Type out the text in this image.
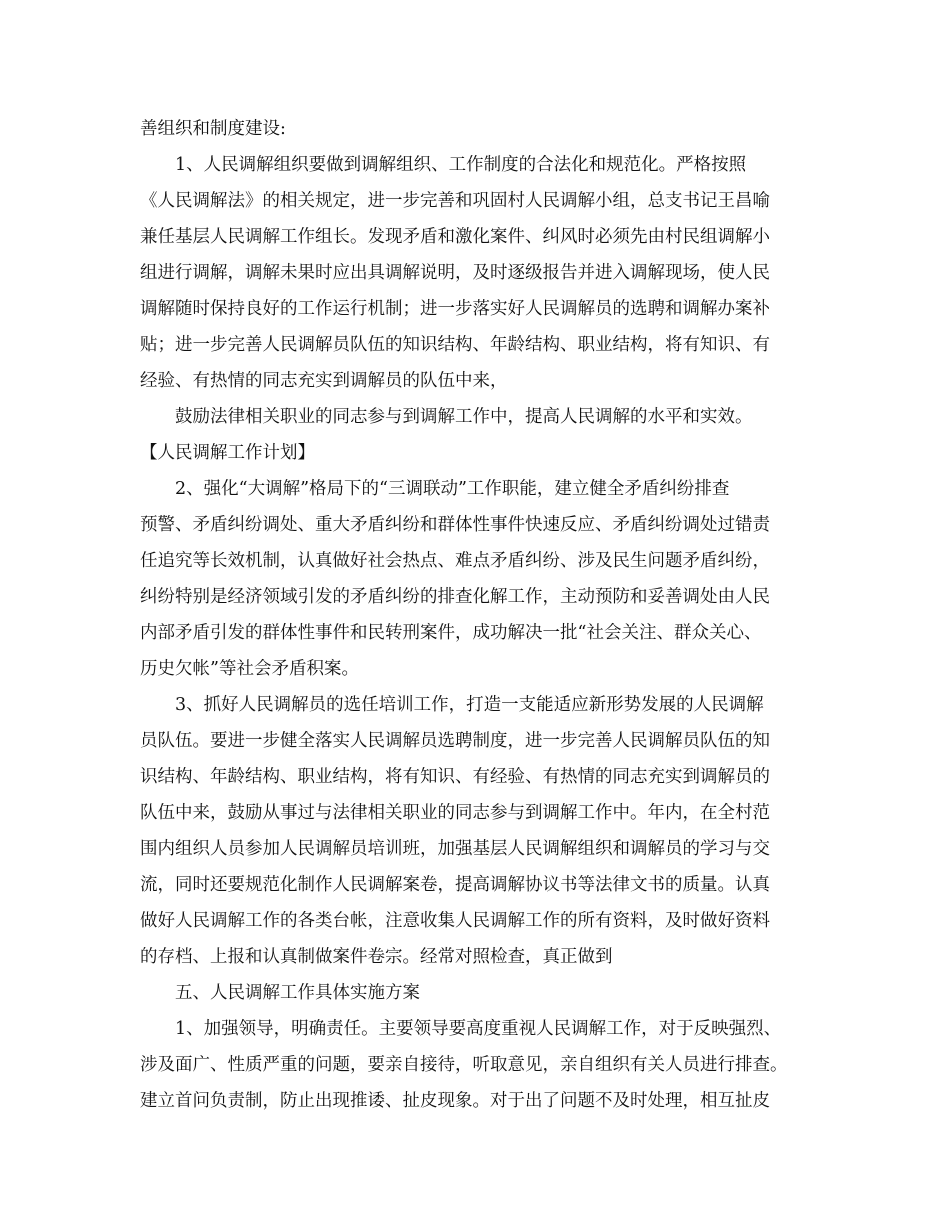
善组织和制度建设:
1、人民调解组织要做到调解组织、工作制度的合法化和规范化。严格按照
《人民调解法》的相关规定，进一步完善和巩固村人民调解小组，总支书记王昌喻
兼任基层人民调解工作组长。发现矛盾和激化案件、纠风时必须先由村民组调解小
组进行调解，调解未果时应出具调解说明，及时逐级报告并进入调解现场，使人民
调解随时保持良好的工作运行机制；进一步落实好人民调解员的选聘和调解办案补
贴；进一步完善人民调解员队伍的知识结构、年龄结构、职业结构，将有知识、有
经验、有热情的同志充实到调解员的队伍中来，
鼓励法律相关职业的同志参与到调解工作中，提高人民调解的水平和实效。
【人民调解工作计划】
2、强化“大调解”格局下的“三调联动”工作职能，建立健全矛盾纠纷排查
预警、矛盾纠纷调处、重大矛盾纠纷和群体性事件快速反应、矛盾纠纷调处过错责
任追究等长效机制，认真做好社会热点、难点矛盾纠纷、涉及民生问题矛盾纠纷，
纠纷特别是经济领域引发的矛盾纠纷的排查化解工作，主动预防和妥善调处由人民
内部矛盾引发的群体性事件和民转刑案件，成功解决一批“社会关注、群众关心、
历史欠帐”等社会矛盾积案。
3、抓好人民调解员的选任培训工作，打造一支能适应新形势发展的人民调解
员队伍。要进一步健全落实人民调解员选聘制度，进一步完善人民调解员队伍的知
识结构、年龄结构、职业结构，将有知识、有经验、有热情的同志充实到调解员的
队伍中来，鼓励从事过与法律相关职业的同志参与到调解工作中。年内，在全村范
围内组织人员参加人民调解员培训班，加强基层人民调解组织和调解员的学习与交
流，同时还要规范化制作人民调解案卷，提高调解协议书等法律文书的质量。认真
做好人民调解工作的各类台帐，注意收集人民调解工作的所有资料，及时做好资料
的存档、上报和认真制做案件卷宗。经常对照检查，真正做到
五、人民调解工作具体实施方案
1、加强领导，明确责任。主要领导要高度重视人民调解工作，对于反映强烈、
涉及面广、性质严重的问题，要亲自接待，听取意见，亲自组织有关人员进行排查。
建立首问负责制，防止出现推诿、扯皮现象。对于出了问题不及时处理，相互扯皮
